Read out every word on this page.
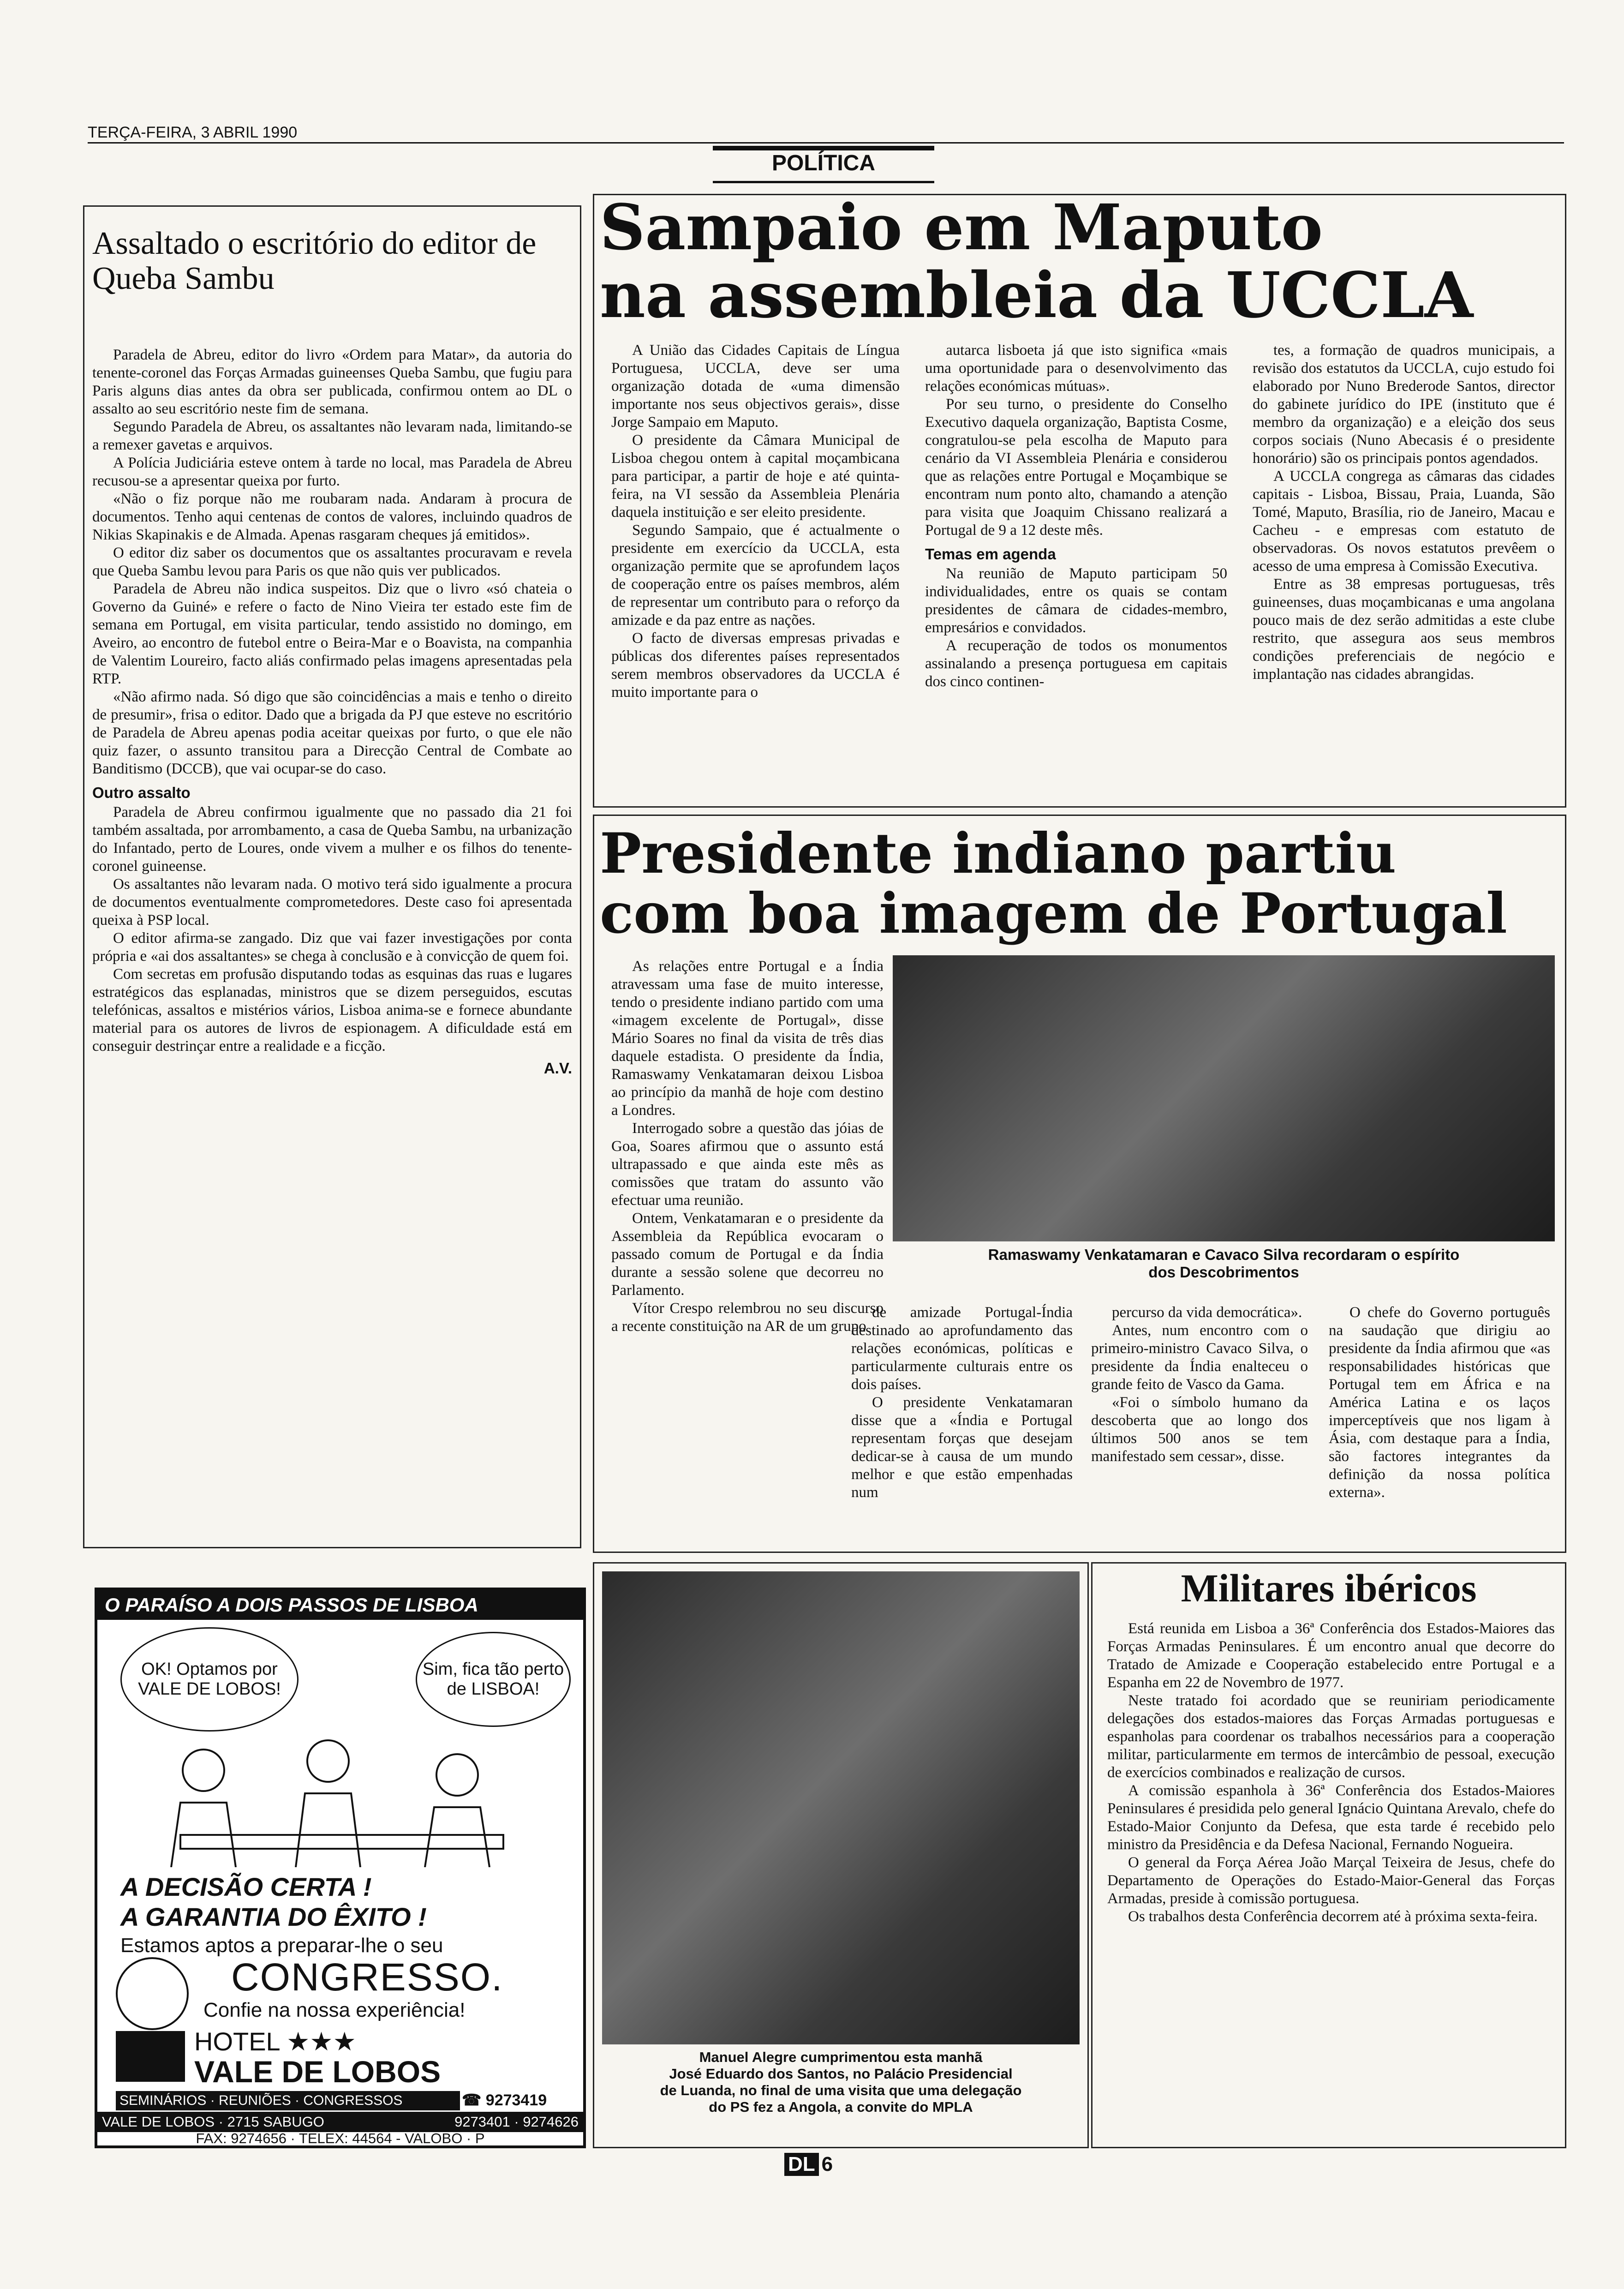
TERÇA-FEIRA, 3 ABRIL 1990
POLÍTICA
Assaltado o escritório do editor de Queba Sambu

Paradela de Abreu, editor do livro «Ordem para Matar», da autoria do tenente-coronel das Forças Armadas guineenses Queba Sambu, que fugiu para Paris alguns dias antes da obra ser publicada, confirmou ontem ao DL o assalto ao seu escritório neste fim de semana.

Segundo Paradela de Abreu, os assaltantes não levaram nada, limitando-se a remexer gavetas e arquivos.

A Polícia Judiciária esteve ontem à tarde no local, mas Paradela de Abreu recusou-se a apresentar queixa por furto.

«Não o fiz porque não me roubaram nada. Andaram à procura de documentos. Tenho aqui centenas de contos de valores, incluindo quadros de Nikias Skapinakis e de Almada. Apenas rasgaram cheques já emitidos».

O editor diz saber os documentos que os assaltantes procuravam e revela que Queba Sambu levou para Paris os que não quis ver publicados.

Paradela de Abreu não indica suspeitos. Diz que o livro «só chateia o Governo da Guiné» e refere o facto de Nino Vieira ter estado este fim de semana em Portugal, em visita particular, tendo assistido no domingo, em Aveiro, ao encontro de futebol entre o Beira-Mar e o Boavista, na companhia de Valentim Loureiro, facto aliás confirmado pelas imagens apresentadas pela RTP.

«Não afirmo nada. Só digo que são coincidências a mais e tenho o direito de presumir», frisa o editor. Dado que a brigada da PJ que esteve no escritório de Paradela de Abreu apenas podia aceitar queixas por furto, o que ele não quiz fazer, o assunto transitou para a Direcção Central de Combate ao Banditismo (DCCB), que vai ocupar-se do caso.

Outro assalto

Paradela de Abreu confirmou igualmente que no passado dia 21 foi também assaltada, por arrombamento, a casa de Queba Sambu, na urbanização do Infantado, perto de Loures, onde vivem a mulher e os filhos do tenente-coronel guineense.

Os assaltantes não levaram nada. O motivo terá sido igualmente a procura de documentos eventualmente comprometedores. Deste caso foi apresentada queixa à PSP local.

O editor afirma-se zangado. Diz que vai fazer investigações por conta própria e «ai dos assaltantes» se chega à conclusão e à convicção de quem foi.

Com secretas em profusão disputando todas as esquinas das ruas e lugares estratégicos das esplanadas, ministros que se dizem perseguidos, escutas telefónicas, assaltos e mistérios vários, Lisboa anima-se e fornece abundante material para os autores de livros de espionagem. A dificuldade está em conseguir destrinçar entre a realidade e a ficção.

A.V.
Sampaio em Maputo
na assembleia da UCCLA

A União das Cidades Capitais de Língua Portuguesa, UCCLA, deve ser uma organização dotada de «uma dimensão importante nos seus objectivos gerais», disse Jorge Sampaio em Maputo.

O presidente da Câmara Municipal de Lisboa chegou ontem à capital moçambicana para participar, a partir de hoje e até quinta-feira, na VI sessão da Assembleia Plenária daquela instituição e ser eleito presidente.

Segundo Sampaio, que é actualmente o presidente em exercício da UCCLA, esta organização permite que se aprofundem laços de cooperação entre os países membros, além de representar um contributo para o reforço da amizade e da paz entre as nações.

O facto de diversas empresas privadas e públicas dos diferentes países representados serem membros observadores da UCCLA é muito importante para o

autarca lisboeta já que isto significa «mais uma oportunidade para o desenvolvimento das relações económicas mútuas».

Por seu turno, o presidente do Conselho Executivo daquela organização, Baptista Cosme, congratulou-se pela escolha de Maputo para cenário da VI Assembleia Plenária e considerou que as relações entre Portugal e Moçambique se encontram num ponto alto, chamando a atenção para visita que Joaquim Chissano realizará a Portugal de 9 a 12 deste mês.

Temas em agenda

Na reunião de Maputo participam 50 individualidades, entre os quais se contam presidentes de câmara de cidades-membro, empresários e convidados.

A recuperação de todos os monumentos assinalando a presença portuguesa em capitais dos cinco continen-

tes, a formação de quadros municipais, a revisão dos estatutos da UCCLA, cujo estudo foi elaborado por Nuno Brederode Santos, director do gabinete jurídico do IPE (instituto que é membro da organização) e a eleição dos seus corpos sociais (Nuno Abecasis é o presidente honorário) são os principais pontos agendados.

A UCCLA congrega as câmaras das cidades capitais - Lisboa, Bissau, Praia, Luanda, São Tomé, Maputo, Brasília, rio de Janeiro, Macau e Cacheu - e empresas com estatuto de observadoras. Os novos estatutos prevêem o acesso de uma empresa à Comissão Executiva.

Entre as 38 empresas portuguesas, três guineenses, duas moçambicanas e uma angolana pouco mais de dez serão admitidas a este clube restrito, que assegura aos seus membros condições preferenciais de negócio e implantação nas cidades abrangidas.

Presidente indiano partiu
com boa imagem de Portugal

As relações entre Portugal e a Índia atravessam uma fase de muito interesse, tendo o presidente indiano partido com uma «imagem excelente de Portugal», disse Mário Soares no final da visita de três dias daquele estadista. O presidente da Índia, Ramaswamy Venkatamaran deixou Lisboa ao princípio da manhã de hoje com destino a Londres.

Interrogado sobre a questão das jóias de Goa, Soares afirmou que o assunto está ultrapassado e que ainda este mês as comissões que tratam do assunto vão efectuar uma reunião.

Ontem, Venkatamaran e o presidente da Assembleia da República evocaram o passado comum de Portugal e da Índia durante a sessão solene que decorreu no Parlamento.

Vítor Crespo relembrou no seu discurso a recente constituição na AR de um grupo

Ramaswamy Venkatamaran e Cavaco Silva recordaram o espírito
dos Descobrimentos

de amizade Portugal-Índia destinado ao aprofundamento das relações económicas, políticas e particularmente culturais entre os dois países.

O presidente Venkatamaran disse que a «Índia e Portugal representam forças que desejam dedicar-se à causa de um mundo melhor e que estão empenhadas num

percurso da vida democrática».

Antes, num encontro com o primeiro-ministro Cavaco Silva, o presidente da Índia enalteceu o grande feito de Vasco da Gama.

«Foi o símbolo humano da descoberta que ao longo dos últimos 500 anos se tem manifestado sem cessar», disse.

O chefe do Governo português na saudação que dirigiu ao presidente da Índia afirmou que «as responsabilidades históricas que Portugal tem em África e na América Latina e os laços imperceptíveis que nos ligam à Ásia, com destaque para a Índia, são factores integrantes da definição da nossa política externa».

O PARAÍSO A DOIS PASSOS DE LISBOA
OK! Optamos por VALE DE LOBOS!
Sim, fica tão perto de LISBOA!
A DECISÃO CERTA !
A GARANTIA DO ÊXITO !
Estamos aptos a preparar-lhe o seu
CONGRESSO.
Confie na nossa experiência!
HOTEL ★★★
VALE DE LOBOS
SEMINÁRIOS · REUNIÕES · CONGRESSOS	☎ 9273419
VALE DE LOBOS · 2715 SABUGO	9273401 · 9274626
FAX: 9274656 · TELEX: 44564 - VALOBO · P
Manuel Alegre cumprimentou esta manhã
José Eduardo dos Santos, no Palácio Presidencial
de Luanda, no final de uma visita que uma delegação
do PS fez a Angola, a convite do MPLA
Militares ibéricos

Está reunida em Lisboa a 36ª Conferência dos Estados-Maiores das Forças Armadas Peninsulares. É um encontro anual que decorre do Tratado de Amizade e Cooperação estabelecido entre Portugal e a Espanha em 22 de Novembro de 1977.

Neste tratado foi acordado que se reuniriam periodicamente delegações dos estados-maiores das Forças Armadas portuguesas e espanholas para coordenar os trabalhos necessários para a cooperação militar, particularmente em termos de intercâmbio de pessoal, execução de exercícios combinados e realização de cursos.

A comissão espanhola à 36ª Conferência dos Estados-Maiores Peninsulares é presidida pelo general Ignácio Quintana Arevalo, chefe do Estado-Maior Conjunto da Defesa, que esta tarde é recebido pelo ministro da Presidência e da Defesa Nacional, Fernando Nogueira.

O general da Força Aérea João Marçal Teixeira de Jesus, chefe do Departamento de Operações do Estado-Maior-General das Forças Armadas, preside à comissão portuguesa.

Os trabalhos desta Conferência decorrem até à próxima sexta-feira.

DL 6
